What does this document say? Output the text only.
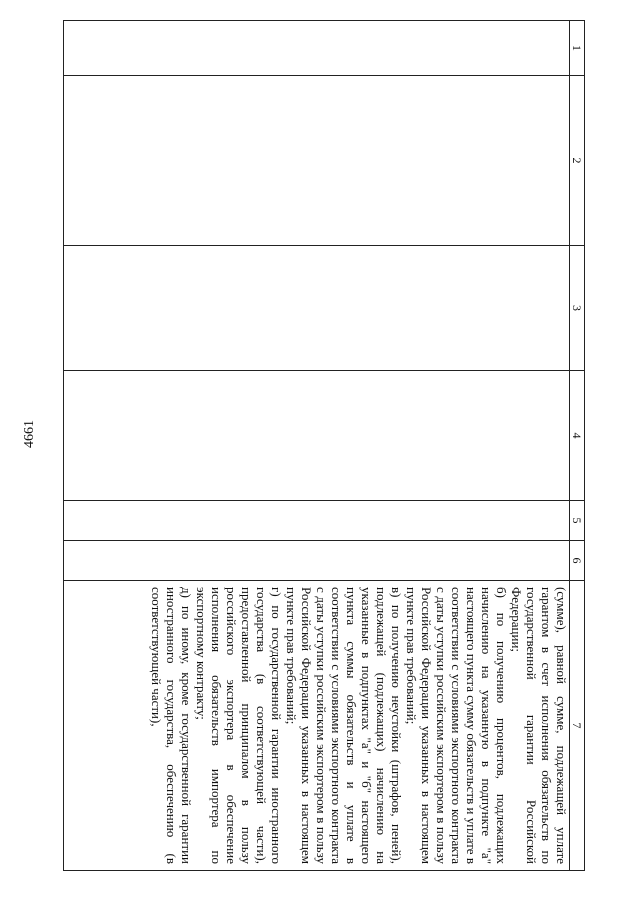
4661
1	2	3	4	5	6	7

						(сумме), равной сумме, подлежащей уплате гарантом в счет исполнения обязательств по государственной гарантии Российской Федерации;

б) по получению процентов, подлежащих начислению на указанную в подпункте "а" настоящего пункта сумму обязательств и уплате в соответствии с условиями экспортного контракта с даты уступки российским экспортером в пользу Российской Федерации указанных в настоящем пункте прав требований;

в) по получению неустойки (штрафов, пеней), подлежащей (подлежащих) начислению на указанные в подпунктах "а" и "б" настоящего пункта суммы обязательств и уплате в соответствии с условиями экспортного контракта с даты уступки российским экспортером в пользу Российской Федерации указанных в настоящем пункте прав требований;

г) по государственной гарантии иностранного государства (в соответствующей части), предоставленной принципалом в пользу российского экспортера в обеспечение исполнения обязательств импортера по экспортному контракту;

д) по иному, кроме государственной гарантии иностранного государства, обеспечению (в соответствующей части),
